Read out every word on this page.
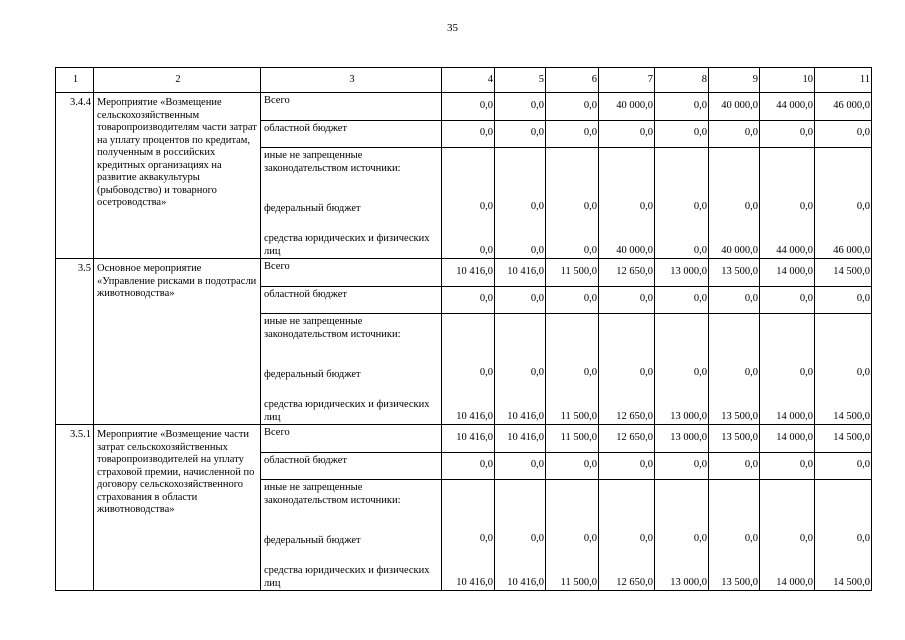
35
1	2	3	4	5	6	7	8	9	10	11
3.4.4	Мероприятие «Возмещение сельскохозяйственным товаропроизводителям части затрат на уплату процентов по кредитам, полученным в российских кредитных организациях на развитие аквакультуры (рыбоводство) и товарного осетроводства»	Всего	0,0	0,0	0,0	40 000,0	0,0	40 000,0	44 000,0	46 000,0
		областной бюджет	0,0	0,0	0,0	0,0	0,0	0,0	0,0	0,0
		иные не запрещенные законодательством источники:								
		федеральный бюджет	0,0	0,0	0,0	0,0	0,0	0,0	0,0	0,0
		средства юридических и физических лиц	0,0	0,0	0,0	40 000,0	0,0	40 000,0	44 000,0	46 000,0
3.5	Основное мероприятие «Управление рисками в подотрасли животноводства»	Всего	10 416,0	10 416,0	11 500,0	12 650,0	13 000,0	13 500,0	14 000,0	14 500,0
		областной бюджет	0,0	0,0	0,0	0,0	0,0	0,0	0,0	0,0
		иные не запрещенные законодательством источники:								
		федеральный бюджет	0,0	0,0	0,0	0,0	0,0	0,0	0,0	0,0
		средства юридических и физических лиц	10 416,0	10 416,0	11 500,0	12 650,0	13 000,0	13 500,0	14 000,0	14 500,0
3.5.1	Мероприятие «Возмещение части затрат сельскохозяйственных товаропроизводителей на уплату страховой премии, начисленной по договору сельскохозяйственного страхования в области животноводства»	Всего	10 416,0	10 416,0	11 500,0	12 650,0	13 000,0	13 500,0	14 000,0	14 500,0
		областной бюджет	0,0	0,0	0,0	0,0	0,0	0,0	0,0	0,0
		иные не запрещенные законодательством источники:								
		федеральный бюджет	0,0	0,0	0,0	0,0	0,0	0,0	0,0	0,0
		средства юридических и физических лиц	10 416,0	10 416,0	11 500,0	12 650,0	13 000,0	13 500,0	14 000,0	14 500,0
